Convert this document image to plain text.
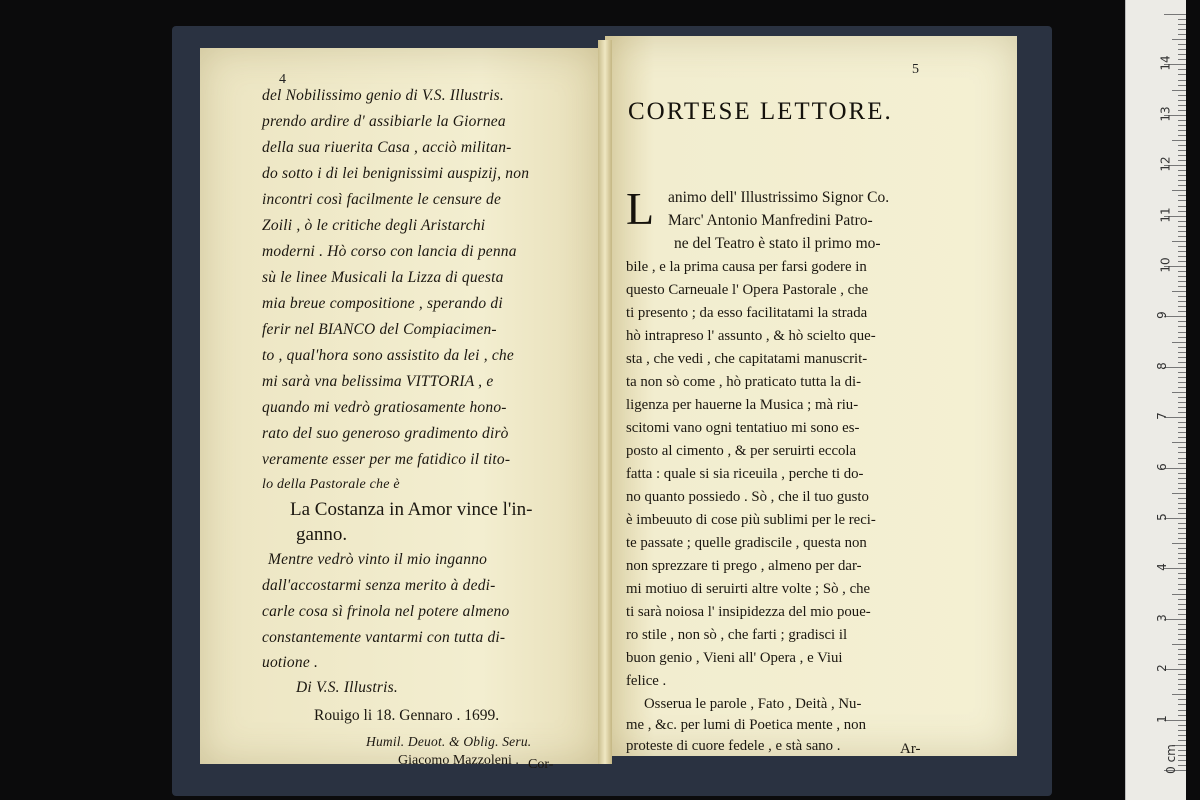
4
del Nobilissimo genio di V.S. Illustris.
prendo ardire d' assibiarle la Giornea
della sua riuerita Casa , acciò militan-
do sotto i di lei benignissimi auspizij, non
incontri così facilmente le censure de
Zoili , ò le critiche degli Aristarchi
moderni . Hò corso con lancia di penna
sù le linee Musicali la Lizza di questa
mia breue compositione , sperando di
ferir nel BIANCO del Compiacimen-
to , qual'hora sono assistito da lei , che
mi sarà vna belissima VITTORIA , e
quando mi vedrò gratiosamente hono-
rato del suo generoso gradimento dirò
veramente esser per me fatidico il tito-
lo della Pastorale che è
La Costanza in Amor vince l'in-
ganno.
Mentre vedrò vinto il mio inganno
dall'accostarmi senza merito à dedi-
carle cosa sì frinola nel potere almeno
constantemente vantarmi con tutta di-
uotione .
Di V.S. Illustris.
Rouigo li 18. Gennaro . 1699.
Humil. Deuot. & Oblig. Seru.
Giacomo Mazzoleni . Cor-
5
CORTESE LETTORE.
L animo dell' Illustrissimo Signor Co.
Marc' Antonio Manfredini Patro-
ne del Teatro è stato il primo mo-
bile , e la prima causa per farsi godere in
questo Carneuale l' Opera Pastorale , che
ti presento ; da esso facilitatami la strada
hò intrapreso l' assunto , & hò scielto que-
sta , che vedi , che capitatami manuscrit-
ta non sò come , hò praticato tutta la di-
ligenza per hauerne la Musica ; mà riu-
scitomi vano ogni tentatiuo mi sono es-
posto al cimento , & per seruirti eccola
fatta : quale si sia riceuila , perche ti do-
no quanto possiedo . Sò , che il tuo gusto
è imbeuuto di cose più sublimi per le reci-
te passate ; quelle gradiscile , questa non
non sprezzare ti prego , almeno per dar-
mi motiuo di seruirti altre volte ; Sò , che
ti sarà noiosa l' insipidezza del mio poue-
ro stile , non sò , che farti ; gradisci il
buon genio , Vieni all' Opera , e Viui
felice .
Osserua le parole , Fato , Deità , Nu-
me , &c. per lumi di Poetica mente , non
proteste di cuore fedele , e stà sano .	Ar-
1
2
3
4
5
6
7
8
9
10
11
12
13
14
0 cm
